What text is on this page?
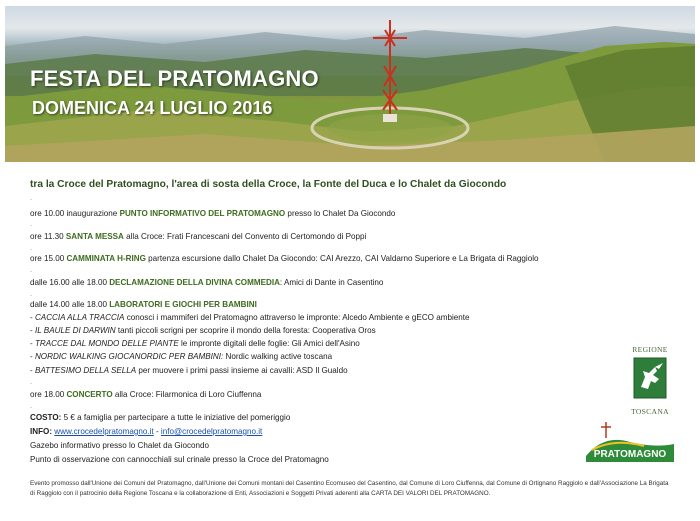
FESTA DEL PRATOMAGNO
DOMENICA 24 LUGLIO 2016
tra la Croce del Pratomagno, l'area di sosta della Croce, la Fonte del Duca e lo Chalet da Giocondo
.
ore 10.00 inaugurazione PUNTO INFORMATIVO DEL PRATOMAGNO presso lo Chalet Da Giocondo
.
ore 11.30 SANTA MESSA alla Croce: Frati Francescani del Convento di Certomondo di Poppi
.
ore 15.00 CAMMINATA H-RING partenza escursione dallo Chalet Da Giocondo: CAI Arezzo, CAI Valdarno Superiore e La Brigata di Raggiolo
.
dalle 16.00 alle 18.00 DECLAMAZIONE DELLA DIVINA COMMEDIA: Amici di Dante in Casentino
.
dalle 14.00 alle 18.00 LABORATORI E GIOCHI PER BAMBINI
- CACCIA ALLA TRACCIA conosci i mammiferi del Pratomagno attraverso le impronte: Alcedo Ambiente e gECO ambiente
- IL BAULE DI DARWIN tanti piccoli scrigni per scoprire il mondo della foresta: Cooperativa Oros
- TRACCE DAL MONDO DELLE PIANTE le impronte digitali delle foglie: Gli Amici dell'Asino
- NORDIC WALKING GIOCANORDIC PER BAMBINI: Nordic walking active toscana
- BATTESIMO DELLA SELLA per muovere i primi passi insieme ai cavalli: ASD Il Gualdo
.
ore 18.00 CONCERTO alla Croce: Filarmonica di Loro Ciuffenna
.
COSTO: 5 € a famiglia per partecipare a tutte le iniziative del pomeriggio
INFO: www.crocedelpratomagno.it - info@crocedelpratomagno.it
Gazebo informativo presso lo Chalet da Giocondo
Punto di osservazione con cannocchiali sul crinale presso la Croce del Pratomagno
Evento promosso dall'Unione dei Comuni del Pratomagno, dall'Unione dei Comuni montani del Casentino Ecomuseo del Casentino, dal Comune di Loro Ciuffenna, dal Comune di Ortignano Raggiolo e dall'Associazione La Brigata di Raggiolo con il patrocinio della Regione Toscana e la collaborazione di Enti, Associazioni e Soggetti Privati aderenti alla CARTA DEI VALORI DEL PRATOMAGNO.
REGIONE
TOSCANA
PRATOMAGNO
